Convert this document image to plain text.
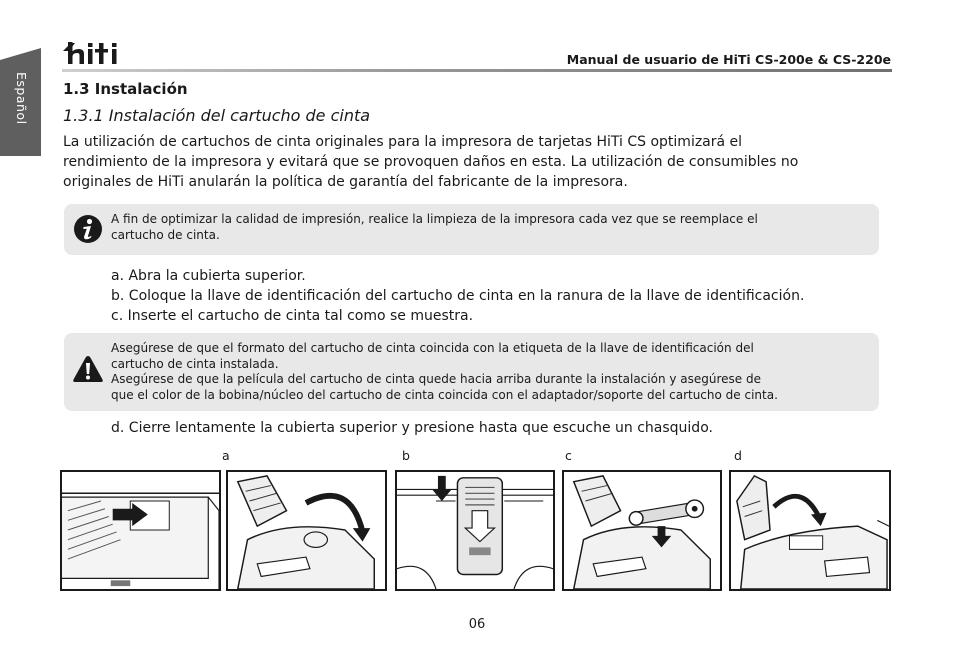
Manual de usuario de HiTi CS-200e & CS-220e
Español 1.3 Instalación
1.3.1 Instalación del cartucho de cinta

La utilización de cartuchos de cinta originales para la impresora de tarjetas HiTi CS optimizará el
rendimiento de la impresora y evitará que se provoquen daños en esta. La utilización de consumibles no
originales de HiTi anularán la política de garantía del fabricante de la impresora.

A fin de optimizar la calidad de impresión, realice la limpieza de la impresora cada vez que se reemplace el
cartucho de cinta.
a. Abra la cubierta superior.
b. Coloque la llave de identificación del cartucho de cinta en la ranura de la llave de identificación.
c. Inserte el cartucho de cinta tal como se muestra.
Asegúrese de que el formato del cartucho de cinta coincida con la etiqueta de la llave de identificación del
cartucho de cinta instalada.
Asegúrese de que la película del cartucho de cinta quede hacia arriba durante la instalación y asegúrese de
que el color de la bobina/núcleo del cartucho de cinta coincida con el adaptador/soporte del cartucho de cinta.
d. Cierre lentamente la cubierta superior y presione hasta que escuche un chasquido.
a	b	c	d
06
